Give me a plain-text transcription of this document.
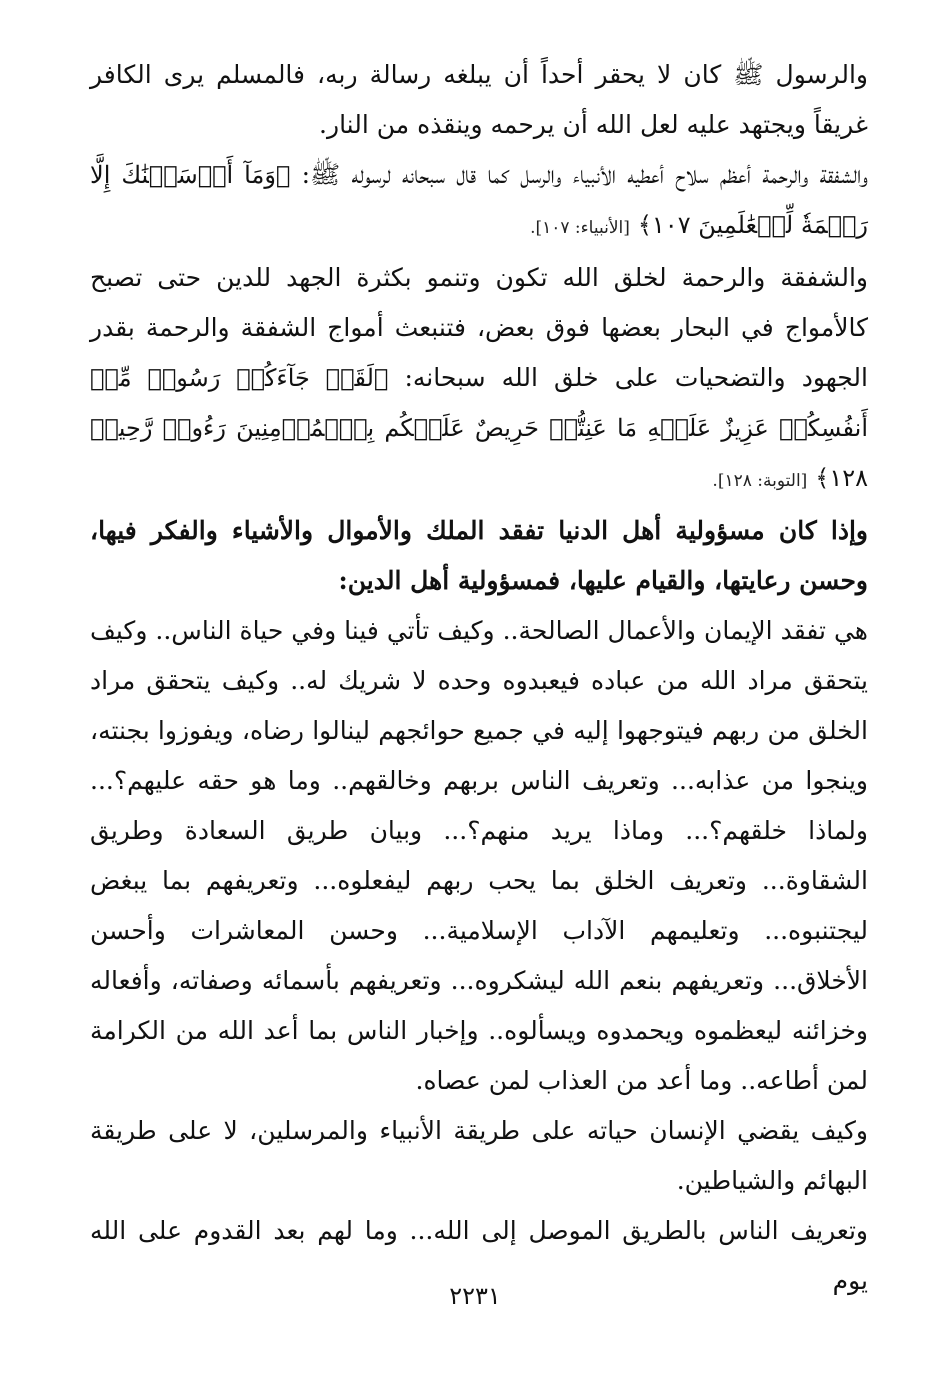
والرسول ﷺ كان لا يحقر أحداً أن يبلغه رسالة ربه، فالمسلم يرى الكافر غريقاً ويجتهد عليه لعل الله أن يرحمه وينقذه من النار.

والشفقة والرحمة أعظم سلاح أعطيه الأنبياء والرسل كما قال سبحانه لرسوله ﷺ: ﴿وَمَآ أَرۡسَلۡنَٰكَ إِلَّا رَحۡمَةٗ لِّلۡعَٰلَمِينَ ١٠٧﴾ [الأنبياء: ١٠٧].

والشفقة والرحمة لخلق الله تكون وتنمو بكثرة الجهد للدين حتى تصبح كالأمواج في البحار بعضها فوق بعض، فتنبعث أمواج الشفقة والرحمة بقدر الجهود والتضحيات على خلق الله سبحانه: ﴿لَقَدۡ جَآءَكُمۡ رَسُولٞ مِّنۡ أَنفُسِكُمۡ عَزِيزٌ عَلَيۡهِ مَا عَنِتُّمۡ حَرِيصٌ عَلَيۡكُم بِٱلۡمُؤۡمِنِينَ رَءُوفٞ رَّحِيمٞ ١٢٨﴾ [التوبة: ١٢٨].

وإذا كان مسؤولية أهل الدنيا تفقد الملك والأموال والأشياء والفكر فيها، وحسن رعايتها، والقيام عليها، فمسؤولية أهل الدين:

هي تفقد الإيمان والأعمال الصالحة.. وكيف تأتي فينا وفي حياة الناس.. وكيف يتحقق مراد الله من عباده فيعبدوه وحده لا شريك له.. وكيف يتحقق مراد الخلق من ربهم فيتوجهوا إليه في جميع حوائجهم لينالوا رضاه، ويفوزوا بجنته، وينجوا من عذابه... وتعريف الناس بربهم وخالقهم.. وما هو حقه عليهم؟... ولماذا خلقهم؟... وماذا يريد منهم؟... وبيان طريق السعادة وطريق الشقاوة... وتعريف الخلق بما يحب ربهم ليفعلوه... وتعريفهم بما يبغض ليجتنبوه... وتعليمهم الآداب الإسلامية... وحسن المعاشرات وأحسن الأخلاق... وتعريفهم بنعم الله ليشكروه... وتعريفهم بأسمائه وصفاته، وأفعاله وخزائنه ليعظموه ويحمدوه ويسألوه.. وإخبار الناس بما أعد الله من الكرامة لمن أطاعه.. وما أعد من العذاب لمن عصاه.

وكيف يقضي الإنسان حياته على طريقة الأنبياء والمرسلين، لا على طريقة البهائم والشياطين.

وتعريف الناس بالطريق الموصل إلى الله... وما لهم بعد القدوم على الله يوم

٢٢٣١
